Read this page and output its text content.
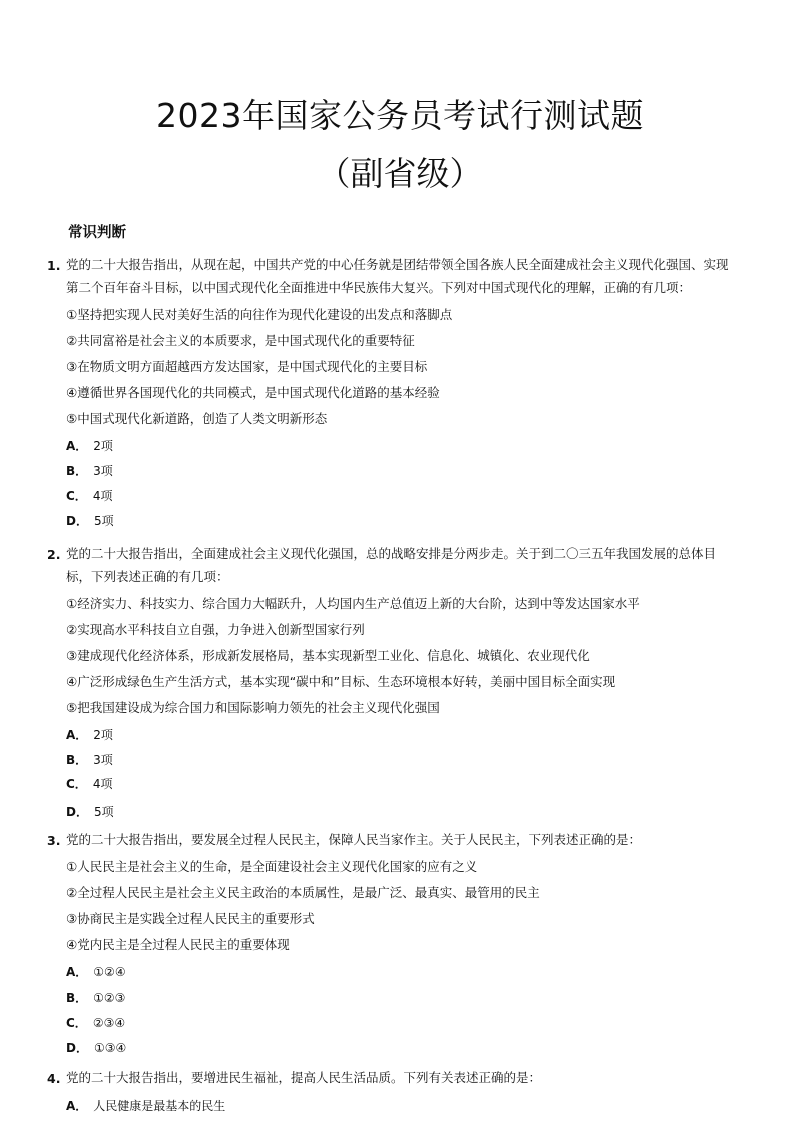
2023年国家公务员考试行测试题
（副省级）
常识判断
1. 党的二十大报告指出，从现在起，中国共产党的中心任务就是团结带领全国各族人民全面建成社会主义现代化强国、实现
第二个百年奋斗目标，以中国式现代化全面推进中华民族伟大复兴。下列对中国式现代化的理解，正确的有几项：
①坚持把实现人民对美好生活的向往作为现代化建设的出发点和落脚点
②共同富裕是社会主义的本质要求，是中国式现代化的重要特征
③在物质文明方面超越西方发达国家，是中国式现代化的主要目标
④遵循世界各国现代化的共同模式，是中国式现代化道路的基本经验
⑤中国式现代化新道路，创造了人类文明新形态
A． 2项
B． 3项
C． 4项
D． 5项
2. 党的二十大报告指出，全面建成社会主义现代化强国，总的战略安排是分两步走。关于到二〇三五年我国发展的总体目
标，下列表述正确的有几项：
①经济实力、科技实力、综合国力大幅跃升，人均国内生产总值迈上新的大台阶，达到中等发达国家水平
②实现高水平科技自立自强，力争进入创新型国家行列
③建成现代化经济体系，形成新发展格局，基本实现新型工业化、信息化、城镇化、农业现代化
④广泛形成绿色生产生活方式，基本实现“碳中和”目标、生态环境根本好转，美丽中国目标全面实现
⑤把我国建设成为综合国力和国际影响力领先的社会主义现代化强国
A． 2项
B． 3项
C． 4项
D． 5项
3. 党的二十大报告指出，要发展全过程人民民主，保障人民当家作主。关于人民民主，下列表述正确的是：
①人民民主是社会主义的生命，是全面建设社会主义现代化国家的应有之义
②全过程人民民主是社会主义民主政治的本质属性，是最广泛、最真实、最管用的民主
③协商民主是实践全过程人民民主的重要形式
④党内民主是全过程人民民主的重要体现
A． ①②④
B． ①②③
C． ②③④
D． ①③④
4. 党的二十大报告指出，要增进民生福祉，提高人民生活品质。下列有关表述正确的是：
A． 人民健康是最基本的民生
